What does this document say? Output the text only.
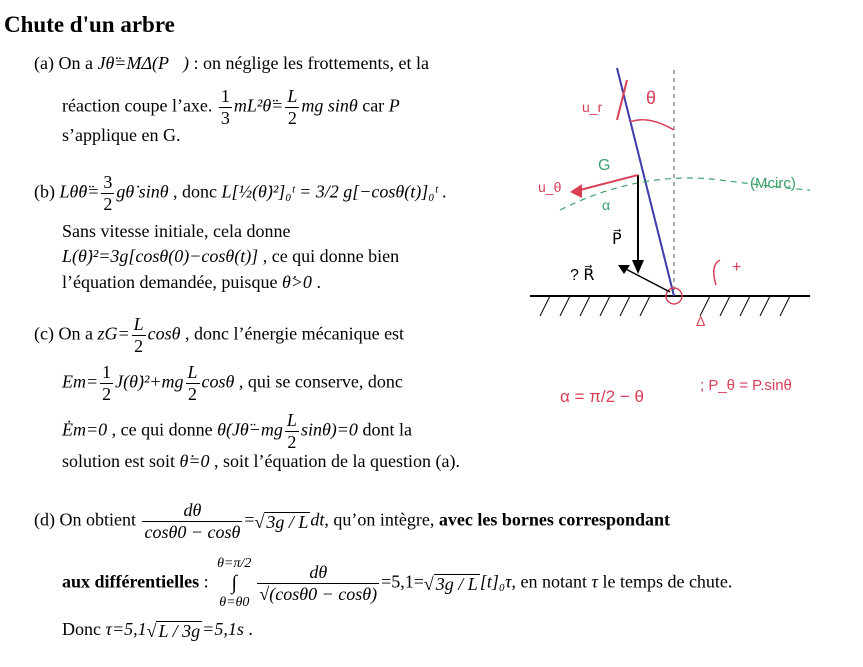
Chute d'un arbre
(a) On a Jθ̈=MΔ(P⃗) : on néglige les frottements, et la
réaction coupe l’axe. $\frac{1}{3}$ mL²θ̈= $\frac{L}{2}$ mg sinθ car P⃗
s’applique en G.
(b) Lθ̇θ̈= $\frac{3}{2}$ gθ̇ sinθ , donc L[½(θ̇)²]₀ᵗ = 3/2 g[−cosθ(t)]₀ᵗ .
Sans vitesse initiale, cela donne
L(θ̇)²=3g[cosθ(0)−cosθ(t)] , ce qui donne bien
l’équation demandée, puisque θ̇>0 .
(c) On a $zG= \frac{L}{2}$ cosθ , donc l’énergie mécanique est
$Em= \frac{1}{2}$ J(θ̇)²+mg $\frac{L}{2}$ cosθ , qui se conserve, donc
Ėm=0 , ce qui donne θ̇(Jθ̈−mg $\frac{L}{2} \sin\theta)=0$ dont la
solution est soit θ̇=0 , soit l’équation de la question (a).
(d) On obtient $\frac{d\theta}{\cos\theta 0 - \cos\theta}$ =√ 3g / L dt, qu’on intègre, avec les bornes correspondant
aux différentielles :
θ=π/2
∫
$\theta=\theta 0 \frac{d\theta}{√(\cos\theta 0 - \cos\theta)} =5,1=√$ 3g / L [t]₀τ, en notant τ le temps de chute.
Donc τ=5,1√ L / 3g =5,1s .
u_r θ
G
u_θ	(Mcirc)
α
P⃗
? R⃗	+
Δ
α = π/2 − θ
; P_θ = P.sinθ
